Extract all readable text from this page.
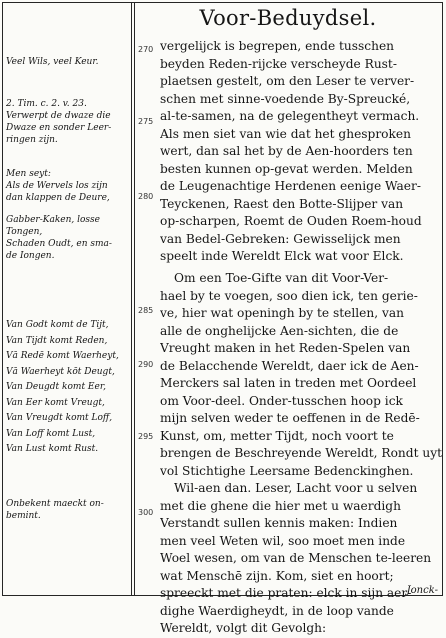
Voor-Beduydsel.

Veel Wils, veel Keur.

2. Tim. c. 2. v. 23.

Verwerpt de dwaze die

Dwaze en sonder Leer-

ringen zijn.

Men seyt:

Als de Wervels los zijn

dan klappen de Deure,

Gabber-Kaken, losse

Tongen,

Schaden Oudt, en sma-

de Iongen.

Van Godt komt de Tijt,

Van Tijdt komt Reden,

Vā Redē komt Waerheyt,

Vā Waerheyt kōt Deugt,

Van Deugdt komt Eer,

Van Eer komt Vreugt,

Van Vreugdt komt Loff,

Van Loff komt Lust,

Van Lust komt Rust.

Onbekent maeckt on-

bemint.

270
275
280
285
290
295
300

vergelijck is begrepen, ende tusschen

beyden Reden-rijcke verscheyde Rust-

plaetsen gestelt, om den Leser te verver-

schen met sinne-voedende By-Sprеucké,

al-te-samen, na de gelegentheyt vermach.

Als men siet van wie dat het ghesproken

wert, dan sal het by de Aen-hoorders ten

besten kunnen op-gevat werden. Melden

de Leugenachtige Herdenen eenige Waer-

Teyckenen, Raest den Botte-Slijper van

op-scharpen, Roemt de Ouden Roem-houd

van Bedel-Gebreken: Gewisselijck men

speelt inde Wereldt Elck wat voor Elck.

Om een Toe-Gifte van dit Voor-Ver-

hael by te voegen, soo dien ick, ten gerie-

ve, hier wat openingh by te stellen, van

alle de onghelijcke Aen-sichten, die de

Vreught maken in het Reden-Spelen van

de Belacchende Wereldt, daer ick de Aen-

Merckers sal laten in treden met Oordeel

om Voor-deel. Onder-tusschen hoop ick

mijn selven weder te oeffenen in de Redē-

Kunst, om, metter Tijdt, noch voort te

brengen de Beschreyende Wereldt, Rondt uyt

vol Stichtighe Leersame Bedenckinghen.

Wil-aen dan. Leser, Lacht voor u selven

met die ghene die hier met u waerdigh

Verstandt sullen kennis maken: Indien

men veel Weten wil, soo moet men inde

Woel wesen, om van de Menschen te-leeren

wat Menschē zijn. Kom, siet en hoort;

spreeckt met die praten: elck in sijn aer-

dighe Waerdigheydt, in de loop vande

Wereldt, volgt dit Gevolgh:

Jonck-
